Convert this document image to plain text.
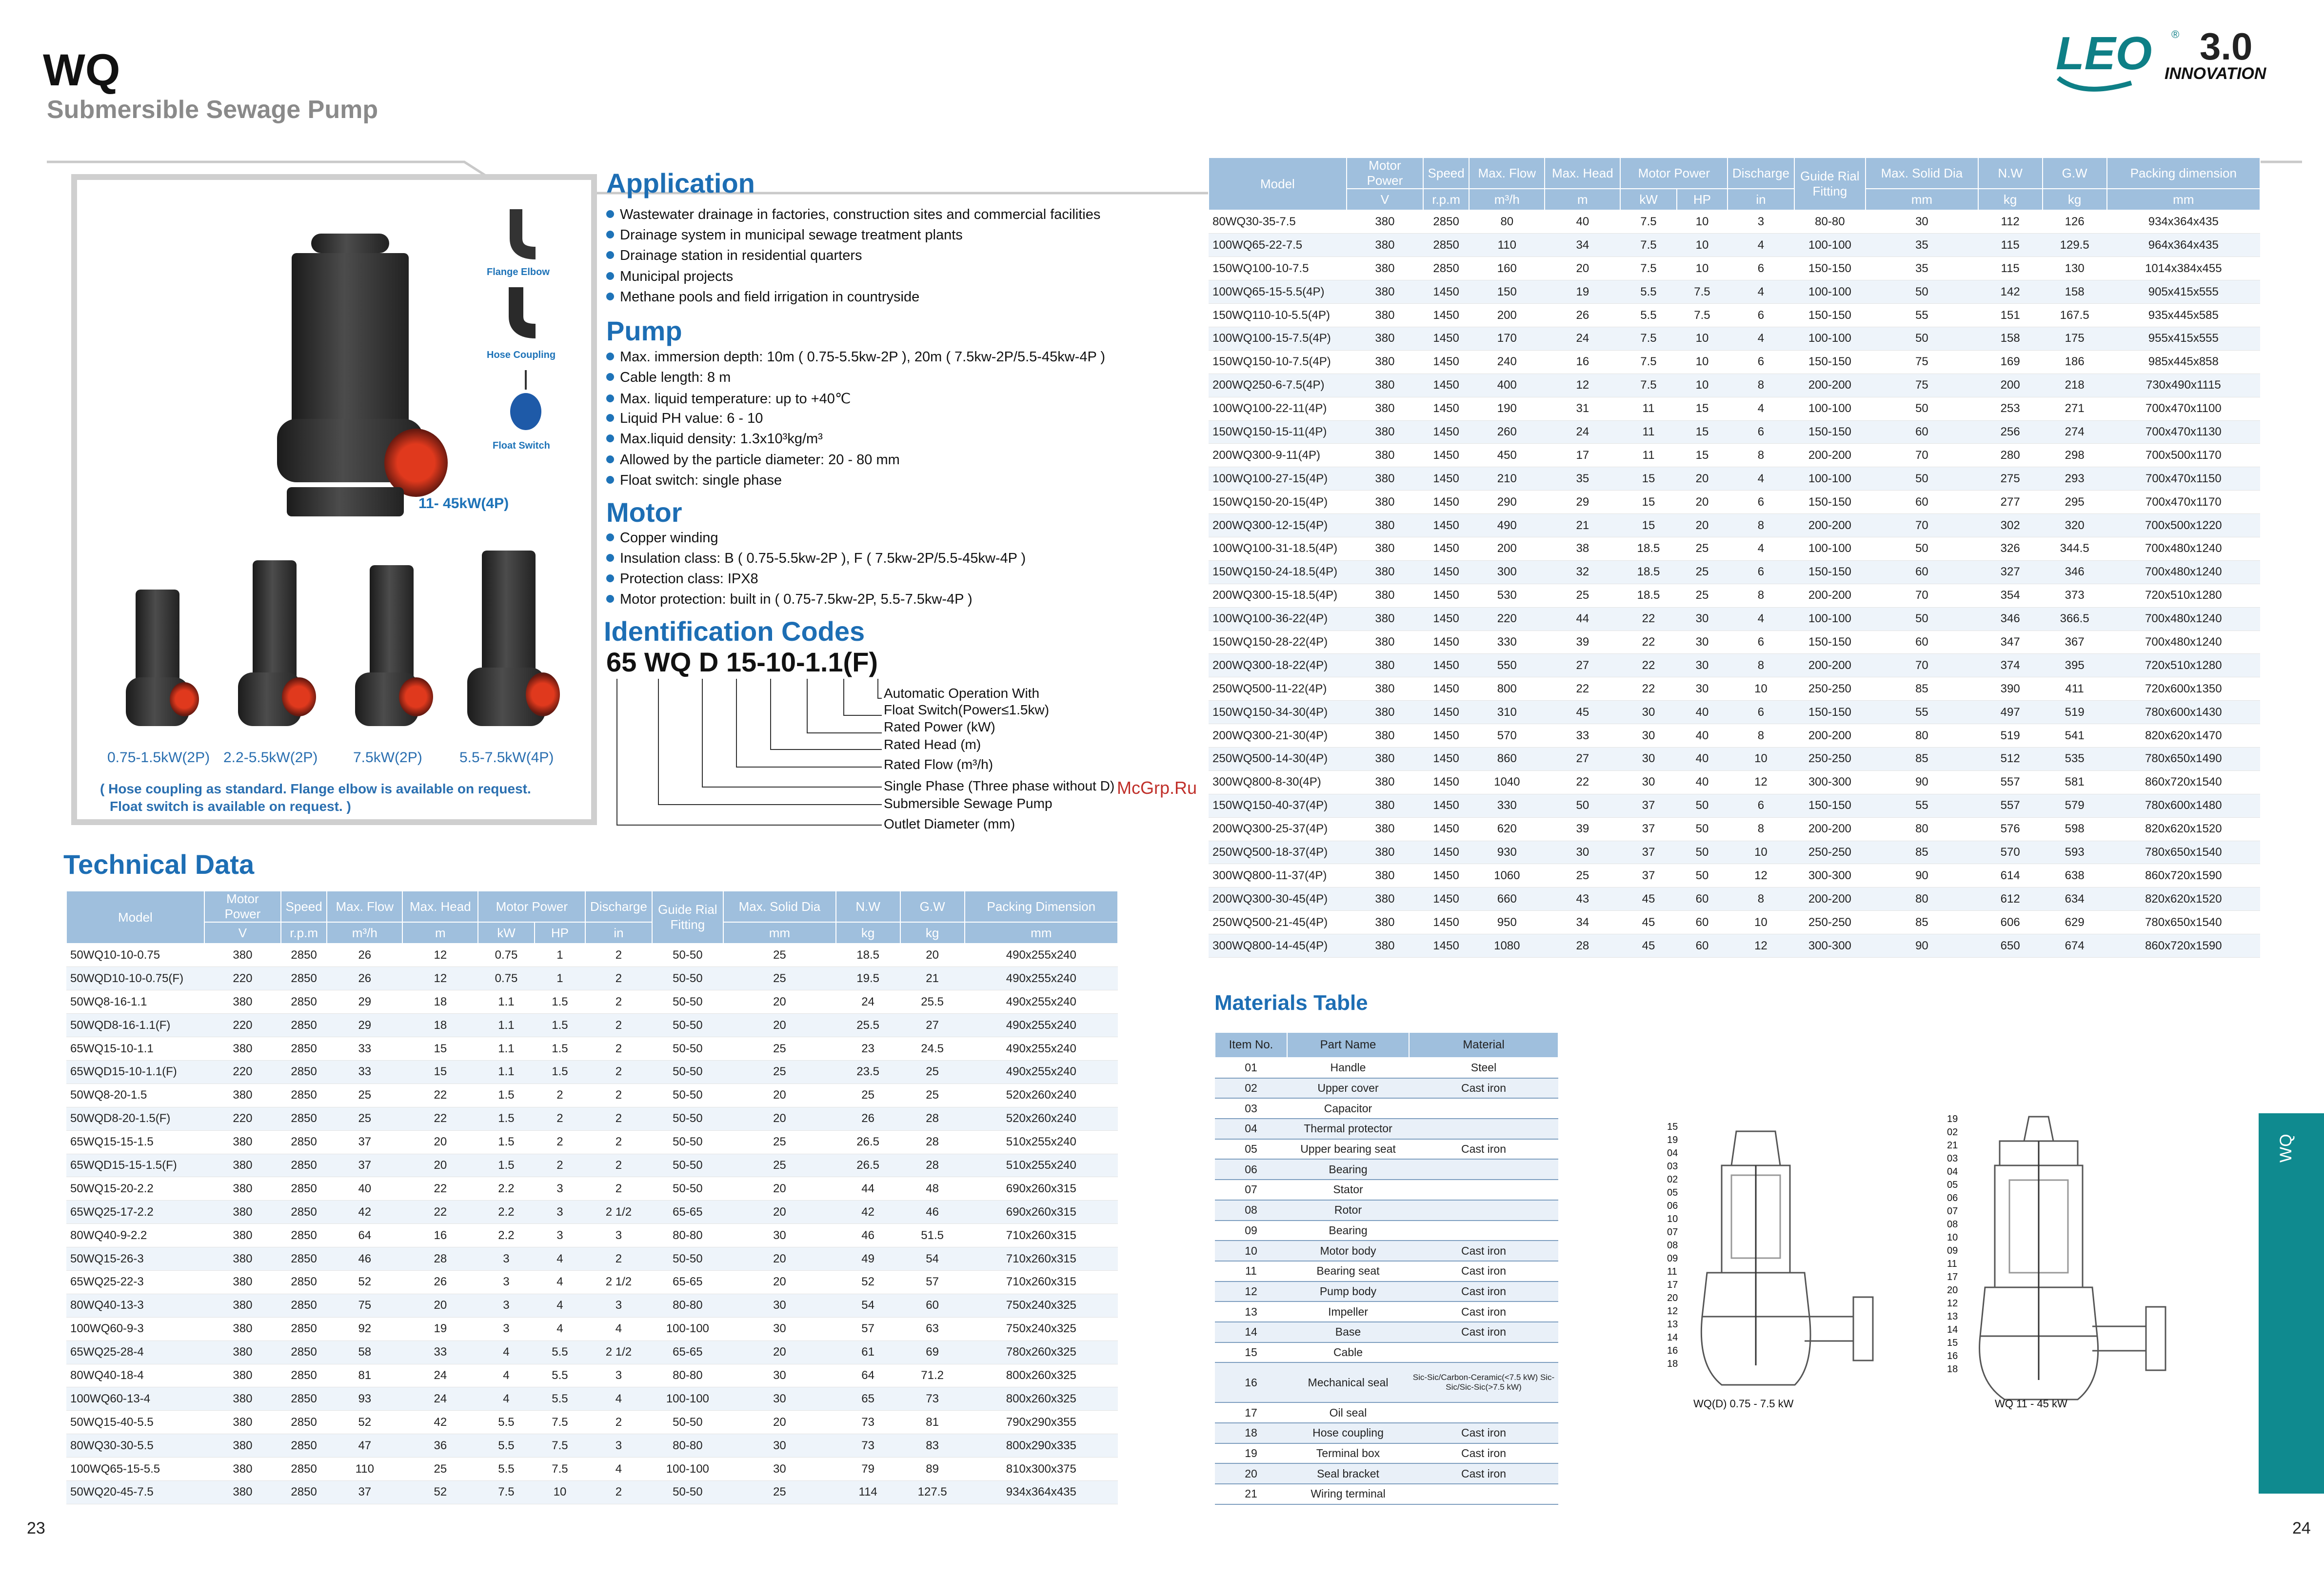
WQ
Submersible Sewage Pump
LEO ® 3.0
INNOVATION
Flange Elbow
Hose Coupling
Float Switch
0.75-1.5kW(2P) 2.2-5.5kW(2P) 7.5kW(2P)	5.5-7.5kW(4P)
11- 45kW(4P)
( Hose coupling as standard. Flange elbow is available on request.
Float switch is available on request. )
Application
Wastewater drainage in factories, construction sites and commercial facilities
Drainage system in municipal sewage treatment plants
Drainage station in residential quarters
Municipal projects
Methane pools and field irrigation in countryside
Pump
Max. immersion depth: 10m ( 0.75-5.5kw-2P ), 20m ( 7.5kw-2P/5.5-45kw-4P )
Cable length: 8 m
Max. liquid temperature: up to +40℃
Liquid PH value: 6 - 10
Max.liquid density: 1.3x10³kg/m³
Allowed by the particle diameter: 20 - 80 mm
Float switch: single phase
Motor
Copper winding
Insulation class: B ( 0.75-5.5kw-2P ), F ( 7.5kw-2P/5.5-45kw-4P )
Protection class: IPX8
Motor protection: built in ( 0.75-7.5kw-2P, 5.5-7.5kw-4P )
Identification Codes
65 WQ D 15-10-1.1(F)
Automatic Operation With
Float Switch(Power≤1.5kw)
Rated Power (kW)
Rated Head (m)
Rated Flow (m³/h)
Single Phase (Three phase without D)
Submersible Sewage Pump
Outlet Diameter (mm)
McGrp.Ru
Technical Data
Model	Motor Power	Speed	Max. Flow	Max. Head	Motor Power		Discharge	Guide Rial Fitting	Max. Solid Dia	N.W	G.W	Packing Dimension
	V	r.p.m	m³/h	m	kW	HP	in		mm	kg	kg	mm
50WQ10-10-0.75	380	2850	26	12	0.75	1	2	50-50	25	18.5	20	490x255x240
50WQD10-10-0.75(F)	220	2850	26	12	0.75	1	2	50-50	25	19.5	21	490x255x240
50WQ8-16-1.1	380	2850	29	18	1.1	1.5	2	50-50	20	24	25.5	490x255x240
50WQD8-16-1.1(F)	220	2850	29	18	1.1	1.5	2	50-50	20	25.5	27	490x255x240
65WQ15-10-1.1	380	2850	33	15	1.1	1.5	2	50-50	25	23	24.5	490x255x240
65WQD15-10-1.1(F)	220	2850	33	15	1.1	1.5	2	50-50	25	23.5	25	490x255x240
50WQ8-20-1.5	380	2850	25	22	1.5	2	2	50-50	20	25	25	520x260x240
50WQD8-20-1.5(F)	220	2850	25	22	1.5	2	2	50-50	20	26	28	520x260x240
65WQ15-15-1.5	380	2850	37	20	1.5	2	2	50-50	25	26.5	28	510x255x240
65WQD15-15-1.5(F)	380	2850	37	20	1.5	2	2	50-50	25	26.5	28	510x255x240
50WQ15-20-2.2	380	2850	40	22	2.2	3	2	50-50	20	44	48	690x260x315
65WQ25-17-2.2	380	2850	42	22	2.2	3	2 1/2	65-65	20	42	46	690x260x315
80WQ40-9-2.2	380	2850	64	16	2.2	3	3	80-80	30	46	51.5	710x260x315
50WQ15-26-3	380	2850	46	28	3	4	2	50-50	20	49	54	710x260x315
65WQ25-22-3	380	2850	52	26	3	4	2 1/2	65-65	20	52	57	710x260x315
80WQ40-13-3	380	2850	75	20	3	4	3	80-80	30	54	60	750x240x325
100WQ60-9-3	380	2850	92	19	3	4	4	100-100	30	57	63	750x240x325
65WQ25-28-4	380	2850	58	33	4	5.5	2 1/2	65-65	20	61	69	780x260x325
80WQ40-18-4	380	2850	81	24	4	5.5	3	80-80	30	64	71.2	800x260x325
100WQ60-13-4	380	2850	93	24	4	5.5	4	100-100	30	65	73	800x260x325
50WQ15-40-5.5	380	2850	52	42	5.5	7.5	2	50-50	20	73	81	790x290x355
80WQ30-30-5.5	380	2850	47	36	5.5	7.5	3	80-80	30	73	83	800x290x335
100WQ65-15-5.5	380	2850	110	25	5.5	7.5	4	100-100	30	79	89	810x300x375
50WQ20-45-7.5	380	2850	37	52	7.5	10	2	50-50	25	114	127.5	934x364x435
Model	Motor Power	Speed	Max. Flow	Max. Head	Motor Power		Discharge	Guide Rial Fitting	Max. Solid Dia	N.W	G.W	Packing dimension
	V	r.p.m	m³/h	m	kW	HP	in		mm	kg	kg	mm
80WQ30-35-7.5	380	2850	80	40	7.5	10	3	80-80	30	112	126	934x364x435
100WQ65-22-7.5	380	2850	110	34	7.5	10	4	100-100	35	115	129.5	964x364x435
150WQ100-10-7.5	380	2850	160	20	7.5	10	6	150-150	35	115	130	1014x384x455
100WQ65-15-5.5(4P)	380	1450	150	19	5.5	7.5	4	100-100	50	142	158	905x415x555
150WQ110-10-5.5(4P)	380	1450	200	26	5.5	7.5	6	150-150	55	151	167.5	935x445x585
100WQ100-15-7.5(4P)	380	1450	170	24	7.5	10	4	100-100	50	158	175	955x415x555
150WQ150-10-7.5(4P)	380	1450	240	16	7.5	10	6	150-150	75	169	186	985x445x858
200WQ250-6-7.5(4P)	380	1450	400	12	7.5	10	8	200-200	75	200	218	730x490x1115
100WQ100-22-11(4P)	380	1450	190	31	11	15	4	100-100	50	253	271	700x470x1100
150WQ150-15-11(4P)	380	1450	260	24	11	15	6	150-150	60	256	274	700x470x1130
200WQ300-9-11(4P)	380	1450	450	17	11	15	8	200-200	70	280	298	700x500x1170
100WQ100-27-15(4P)	380	1450	210	35	15	20	4	100-100	50	275	293	700x470x1150
150WQ150-20-15(4P)	380	1450	290	29	15	20	6	150-150	60	277	295	700x470x1170
200WQ300-12-15(4P)	380	1450	490	21	15	20	8	200-200	70	302	320	700x500x1220
100WQ100-31-18.5(4P)	380	1450	200	38	18.5	25	4	100-100	50	326	344.5	700x480x1240
150WQ150-24-18.5(4P)	380	1450	300	32	18.5	25	6	150-150	60	327	346	700x480x1240
200WQ300-15-18.5(4P)	380	1450	530	25	18.5	25	8	200-200	70	354	373	720x510x1280
100WQ100-36-22(4P)	380	1450	220	44	22	30	4	100-100	50	346	366.5	700x480x1240
150WQ150-28-22(4P)	380	1450	330	39	22	30	6	150-150	60	347	367	700x480x1240
200WQ300-18-22(4P)	380	1450	550	27	22	30	8	200-200	70	374	395	720x510x1280
250WQ500-11-22(4P)	380	1450	800	22	22	30	10	250-250	85	390	411	720x600x1350
150WQ150-34-30(4P)	380	1450	310	45	30	40	6	150-150	55	497	519	780x600x1430
200WQ300-21-30(4P)	380	1450	570	33	30	40	8	200-200	80	519	541	820x620x1470
250WQ500-14-30(4P)	380	1450	860	27	30	40	10	250-250	85	512	535	780x650x1490
300WQ800-8-30(4P)	380	1450	1040	22	30	40	12	300-300	90	557	581	860x720x1540
150WQ150-40-37(4P)	380	1450	330	50	37	50	6	150-150	55	557	579	780x600x1480
200WQ300-25-37(4P)	380	1450	620	39	37	50	8	200-200	80	576	598	820x620x1520
250WQ500-18-37(4P)	380	1450	930	30	37	50	10	250-250	85	570	593	780x650x1540
300WQ800-11-37(4P)	380	1450	1060	25	37	50	12	300-300	90	614	638	860x720x1590
200WQ300-30-45(4P)	380	1450	660	43	45	60	8	200-200	80	612	634	820x620x1520
250WQ500-21-45(4P)	380	1450	950	34	45	60	10	250-250	85	606	629	780x650x1540
300WQ800-14-45(4P)	380	1450	1080	28	45	60	12	300-300	90	650	674	860x720x1590
Materials Table
Item No.	Part Name	Material
01	Handle	Steel
02	Upper cover	Cast iron
03	Capacitor	
04	Thermal protector	
05	Upper bearing seat	Cast iron
06	Bearing	
07	Stator	
08	Rotor	
09	Bearing	
10	Motor body	Cast iron
11	Bearing seat	Cast iron
12	Pump body	Cast iron
13	Impeller	Cast iron
14	Base	Cast iron
15	Cable	
16	Mechanical seal	Sic-Sic/Carbon-Ceramic(<7.5 kW) Sic-Sic/Sic-Sic(>7.5 kW)
17	Oil seal	
18	Hose coupling	Cast iron
19	Terminal box	Cast iron
20	Seal bracket	Cast iron
21	Wiring terminal	
15
19
04
03
02
05
06
10
07
08
09
11
17
20
12
13
14
16
18
19
02
21
03
04
05
06
07
08
10
09
11
17
20
12
13
14
15
16
18
WQ(D) 0.75 - 7.5 kW	WQ 11 - 45 kW
23	24
WQ
